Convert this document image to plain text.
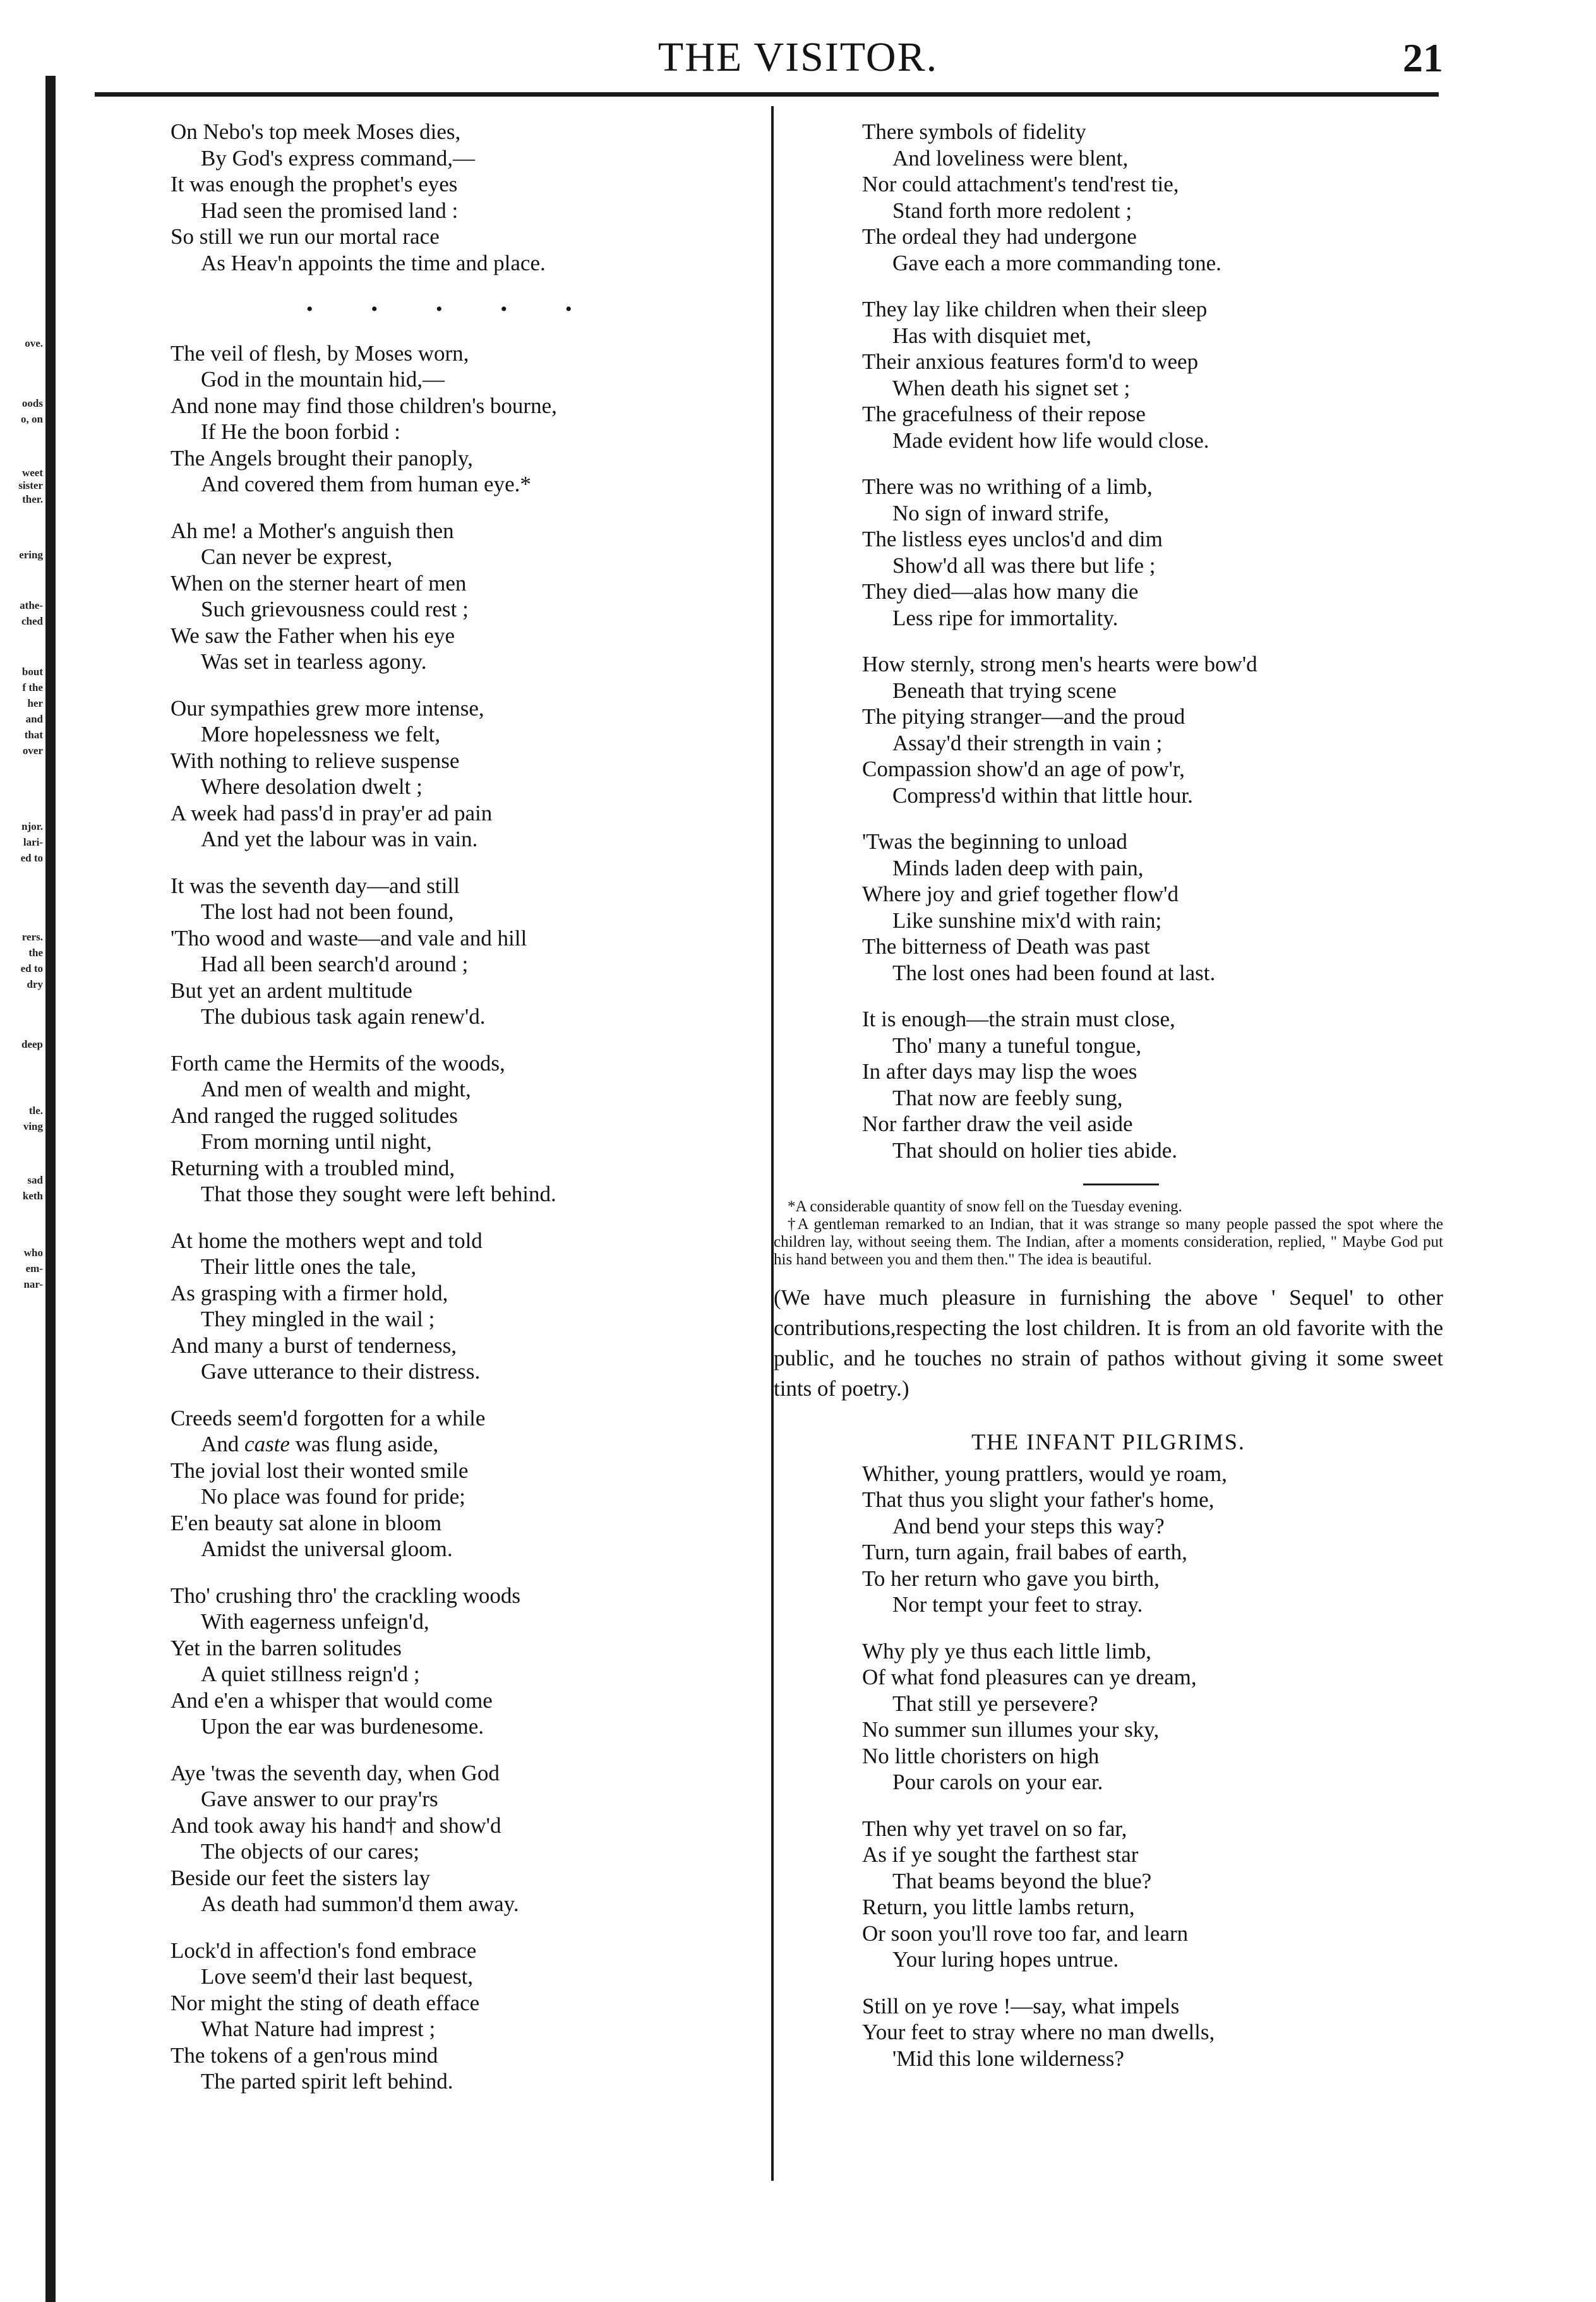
ove.
oods
o, on
weet
sister
ther.
ering
athe-
ched
bout
f the
her
and
that
over
njor.
lari-
ed to
rers.
the
ed to
dry
deep
tle.
ving
sad
keth
who
em-
nar-
THE VISITOR.	21
On Nebo's top meek Moses dies,
By God's express command,—
It was enough the prophet's eyes
Had seen the promised land :
So still we run our mortal race
As Heav'n appoints the time and place.
•••••
The veil of flesh, by Moses worn,
God in the mountain hid,—
And none may find those children's bourne,
If He the boon forbid :
The Angels brought their panoply,
And covered them from human eye.*
Ah me! a Mother's anguish then
Can never be exprest,
When on the sterner heart of men
Such grievousness could rest ;
We saw the Father when his eye
Was set in tearless agony.
Our sympathies grew more intense,
More hopelessness we felt,
With nothing to relieve suspense
Where desolation dwelt ;
A week had pass'd in pray'er ad pain
And yet the labour was in vain.
It was the seventh day—and still
The lost had not been found,
'Tho wood and waste—and vale and hill
Had all been search'd around ;
But yet an ardent multitude
The dubious task again renew'd.
Forth came the Hermits of the woods,
And men of wealth and might,
And ranged the rugged solitudes
From morning until night,
Returning with a troubled mind,
That those they sought were left behind.
At home the mothers wept and told
Their little ones the tale,
As grasping with a firmer hold,
They mingled in the wail ;
And many a burst of tenderness,
Gave utterance to their distress.
Creeds seem'd forgotten for a while
And caste was flung aside,
The jovial lost their wonted smile
No place was found for pride;
E'en beauty sat alone in bloom
Amidst the universal gloom.
Tho' crushing thro' the crackling woods
With eagerness unfeign'd,
Yet in the barren solitudes
A quiet stillness reign'd ;
And e'en a whisper that would come
Upon the ear was burdenesome.
Aye 'twas the seventh day, when God
Gave answer to our pray'rs
And took away his hand† and show'd
The objects of our cares;
Beside our feet the sisters lay
As death had summon'd them away.
Lock'd in affection's fond embrace
Love seem'd their last bequest,
Nor might the sting of death efface
What Nature had imprest ;
The tokens of a gen'rous mind
The parted spirit left behind.
There symbols of fidelity
And loveliness were blent,
Nor could attachment's tend'rest tie,
Stand forth more redolent ;
The ordeal they had undergone
Gave each a more commanding tone.
They lay like children when their sleep
Has with disquiet met,
Their anxious features form'd to weep
When death his signet set ;
The gracefulness of their repose
Made evident how life would close.
There was no writhing of a limb,
No sign of inward strife,
The listless eyes unclos'd and dim
Show'd all was there but life ;
They died—alas how many die
Less ripe for immortality.
How sternly, strong men's hearts were bow'd
Beneath that trying scene
The pitying stranger—and the proud
Assay'd their strength in vain ;
Compassion show'd an age of pow'r,
Compress'd within that little hour.
'Twas the beginning to unload
Minds laden deep with pain,
Where joy and grief together flow'd
Like sunshine mix'd with rain;
The bitterness of Death was past
The lost ones had been found at last.
It is enough—the strain must close,
Tho' many a tuneful tongue,
In after days may lisp the woes
That now are feebly sung,
Nor farther draw the veil aside
That should on holier ties abide.
*A considerable quantity of snow fell on the Tuesday evening.
†A gentleman remarked to an Indian, that it was strange so many people passed the spot where the children lay, without seeing them. The Indian, after a moments consideration, replied, " Maybe God put his hand between you and them then." The idea is beautiful.
(We have much pleasure in furnishing the above ' Sequel' to other contributions,respecting the lost children. It is from an old favorite with the public, and he touches no strain of pathos without giving it some sweet tints of poetry.)
THE INFANT PILGRIMS.
Whither, young prattlers, would ye roam,
That thus you slight your father's home,
And bend your steps this way?
Turn, turn again, frail babes of earth,
To her return who gave you birth,
Nor tempt your feet to stray.
Why ply ye thus each little limb,
Of what fond pleasures can ye dream,
That still ye persevere?
No summer sun illumes your sky,
No little choristers on high
Pour carols on your ear.
Then why yet travel on so far,
As if ye sought the farthest star
That beams beyond the blue?
Return, you little lambs return,
Or soon you'll rove too far, and learn
Your luring hopes untrue.
Still on ye rove !—say, what impels
Your feet to stray where no man dwells,
'Mid this lone wilderness?
